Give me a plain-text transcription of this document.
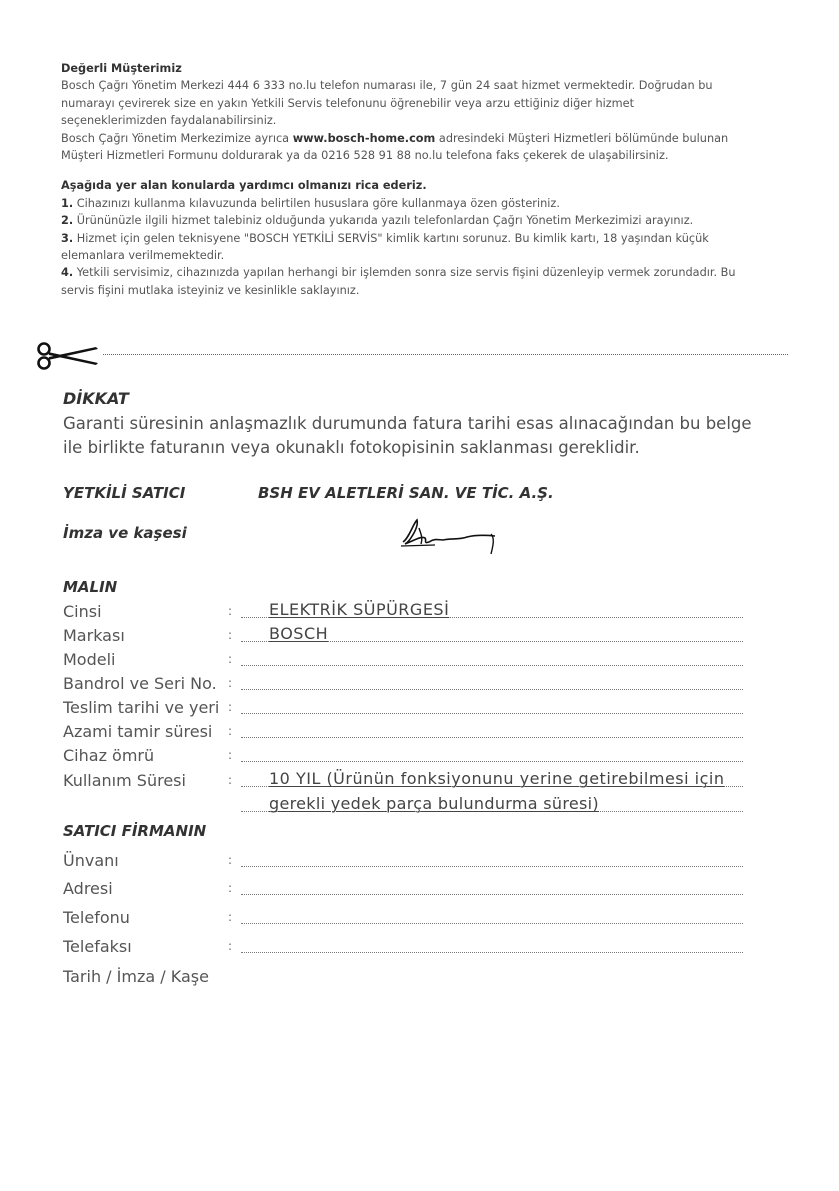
Değerli Müşterimiz

Bosch Çağrı Yönetim Merkezi 444 6 333 no.lu telefon numarası ile, 7 gün 24 saat hizmet vermektedir. Doğrudan bu numarayı çevirerek size en yakın Yetkili Servis telefonunu öğrenebilir veya arzu ettiğiniz diğer hizmet seçeneklerimizden faydalanabilirsiniz.

Bosch Çağrı Yönetim Merkezimize ayrıca www.bosch-home.com adresindeki Müşteri Hizmetleri bölümünde bulunan Müşteri Hizmetleri Formunu doldurarak ya da 0216 528 91 88 no.lu telefona faks çekerek de ulaşabilirsiniz.

Aşağıda yer alan konularda yardımcı olmanızı rica ederiz.

1. Cihazınızı kullanma kılavuzunda belirtilen hususlara göre kullanmaya özen gösteriniz.

2. Ürününüzle ilgili hizmet talebiniz olduğunda yukarıda yazılı telefonlardan Çağrı Yönetim Merkezimizi arayınız.

3. Hizmet için gelen teknisyene "BOSCH YETKİLİ SERVİS" kimlik kartını sorunuz. Bu kimlik kartı, 18 yaşından küçük elemanlara verilmemektedir.

4. Yetkili servisimiz, cihazınızda yapılan herhangi bir işlemden sonra size servis fişini düzenleyip vermek zorundadır. Bu servis fişini mutlaka isteyiniz ve kesinlikle saklayınız.

DİKKAT
Garanti süresinin anlaşmazlık durumunda fatura tarihi esas alınacağından bu belge ile birlikte faturanın veya okunaklı fotokopisinin saklanması gereklidir.
YETKİLİ SATICI	BSH EV ALETLERİ SAN. VE TİC. A.Ş.
İmza ve kaşesi
MALIN
Cinsi	: ELEKTRİK SÜPÜRGESİ
Markası	: BOSCH
Modeli	:
Bandrol ve Seri No. :
Teslim tarihi ve yeri :
Azami tamir süresi :
Cihaz ömrü	:
Kullanım Süresi	: 10 YIL (Ürünün fonksiyonunu yerine getirebilmesi için
gerekli yedek parça bulundurma süresi)
SATICI FİRMANIN
Ünvanı	:
Adresi	:
Telefonu	:
Telefaksı	:
Tarih / İmza / Kaşe
